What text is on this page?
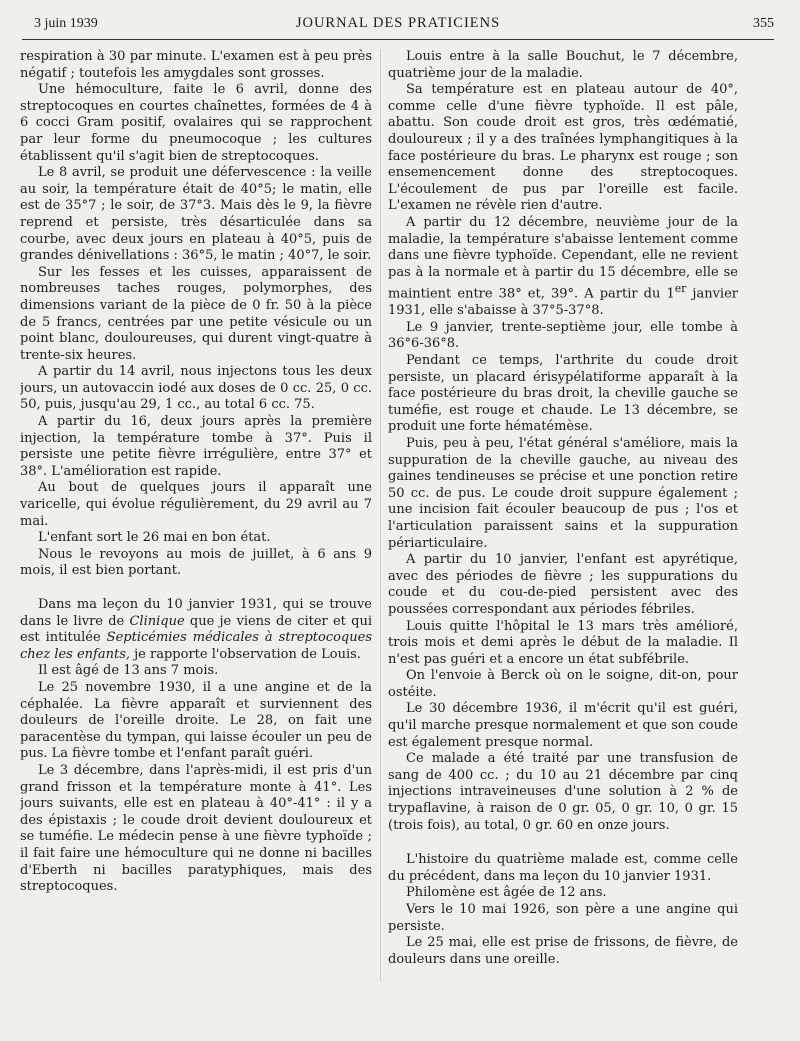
3 juin 1939	JOURNAL DES PRATICIENS	355

respiration à 30 par minute. L'examen est à peu près négatif ; toutefois les amygdales sont grosses.

Une hémoculture, faite le 6 avril, donne des streptocoques en courtes chaînettes, formées de 4 à 6 cocci Gram positif, ovalaires qui se rapprochent par leur forme du pneumocoque ; les cultures établissent qu'il s'agit bien de streptocoques.

Le 8 avril, se produit une défervescence : la veille au soir, la température était de 40°5; le matin, elle est de 35°7 ; le soir, de 37°3. Mais dès le 9, la fièvre reprend et persiste, très désarticulée dans sa courbe, avec deux jours en plateau à 40°5, puis de grandes dénivellations : 36°5, le matin ; 40°7, le soir.

Sur les fesses et les cuisses, apparaissent de nombreuses taches rouges, polymorphes, des dimensions variant de la pièce de 0 fr. 50 à la pièce de 5 francs, centrées par une petite vésicule ou un point blanc, douloureuses, qui durent vingt-quatre à trente-six heures.

A partir du 14 avril, nous injectons tous les deux jours, un autovaccin iodé aux doses de 0 cc. 25, 0 cc. 50, puis, jusqu'au 29, 1 cc., au total 6 cc. 75.

A partir du 16, deux jours après la première injection, la température tombe à 37°. Puis il persiste une petite fièvre irrégulière, entre 37° et 38°. L'amélioration est rapide.

Au bout de quelques jours il apparaît une varicelle, qui évolue régulièrement, du 29 avril au 7 mai.

L'enfant sort le 26 mai en bon état.

Nous le revoyons au mois de juillet, à 6 ans 9 mois, il est bien portant.

Dans ma leçon du 10 janvier 1931, qui se trouve dans le livre de Clinique que je viens de citer et qui est intitulée Septicémies médicales à streptocoques chez les enfants, je rapporte l'observation de Louis.

Il est âgé de 13 ans 7 mois.

Le 25 novembre 1930, il a une angine et de la céphalée. La fièvre apparaît et surviennent des douleurs de l'oreille droite. Le 28, on fait une paracentèse du tympan, qui laisse écouler un peu de pus. La fièvre tombe et l'enfant paraît guéri.

Le 3 décembre, dans l'après-midi, il est pris d'un grand frisson et la température monte à 41°. Les jours suivants, elle est en plateau à 40°-41° : il y a des épistaxis ; le coude droit devient douloureux et se tuméfie. Le médecin pense à une fièvre typhoïde ; il fait faire une hémoculture qui ne donne ni bacilles d'Eberth ni bacilles paratyphiques, mais des streptocoques.

Louis entre à la salle Bouchut, le 7 décembre, quatrième jour de la maladie.

Sa température est en plateau autour de 40°, comme celle d'une fièvre typhoïde. Il est pâle, abattu. Son coude droit est gros, très œdématié, douloureux ; il y a des traînées lymphangitiques à la face postérieure du bras. Le pharynx est rouge ; son ensemencement donne des streptocoques. L'écoulement de pus par l'oreille est facile. L'examen ne révèle rien d'autre.

A partir du 12 décembre, neuvième jour de la maladie, la température s'abaisse lentement comme dans une fièvre typhoïde. Cependant, elle ne revient pas à la normale et à partir du 15 décembre, elle se maintient entre 38° et, 39°. A partir du 1er janvier 1931, elle s'abaisse à 37°5-37°8.

Le 9 janvier, trente-septième jour, elle tombe à 36°6-36°8.

Pendant ce temps, l'arthrite du coude droit persiste, un placard érisypélatiforme apparaît à la face postérieure du bras droit, la cheville gauche se tuméfie, est rouge et chaude. Le 13 décembre, se produit une forte hématémèse.

Puis, peu à peu, l'état général s'améliore, mais la suppuration de la cheville gauche, au niveau des gaines tendineuses se précise et une ponction retire 50 cc. de pus. Le coude droit suppure également ; une incision fait écouler beaucoup de pus ; l'os et l'articulation paraissent sains et la suppuration périarticulaire.

A partir du 10 janvier, l'enfant est apyrétique, avec des périodes de fièvre ; les suppurations du coude et du cou-de-pied persistent avec des poussées correspondant aux périodes fébriles.

Louis quitte l'hôpital le 13 mars très amélioré, trois mois et demi après le début de la maladie. Il n'est pas guéri et a encore un état subfébrile.

On l'envoie à Berck où on le soigne, dit-on, pour ostéite.

Le 30 décembre 1936, il m'écrit qu'il est guéri, qu'il marche presque normalement et que son coude est également presque normal.

Ce malade a été traité par une transfusion de sang de 400 cc. ; du 10 au 21 décembre par cinq injections intraveineuses d'une solution à 2 % de trypaflavine, à raison de 0 gr. 05, 0 gr. 10, 0 gr. 15 (trois fois), au total, 0 gr. 60 en onze jours.

L'histoire du quatrième malade est, comme celle du précédent, dans ma leçon du 10 janvier 1931.

Philomène est âgée de 12 ans.

Vers le 10 mai 1926, son père a une angine qui persiste.

Le 25 mai, elle est prise de frissons, de fièvre, de douleurs dans une oreille.
